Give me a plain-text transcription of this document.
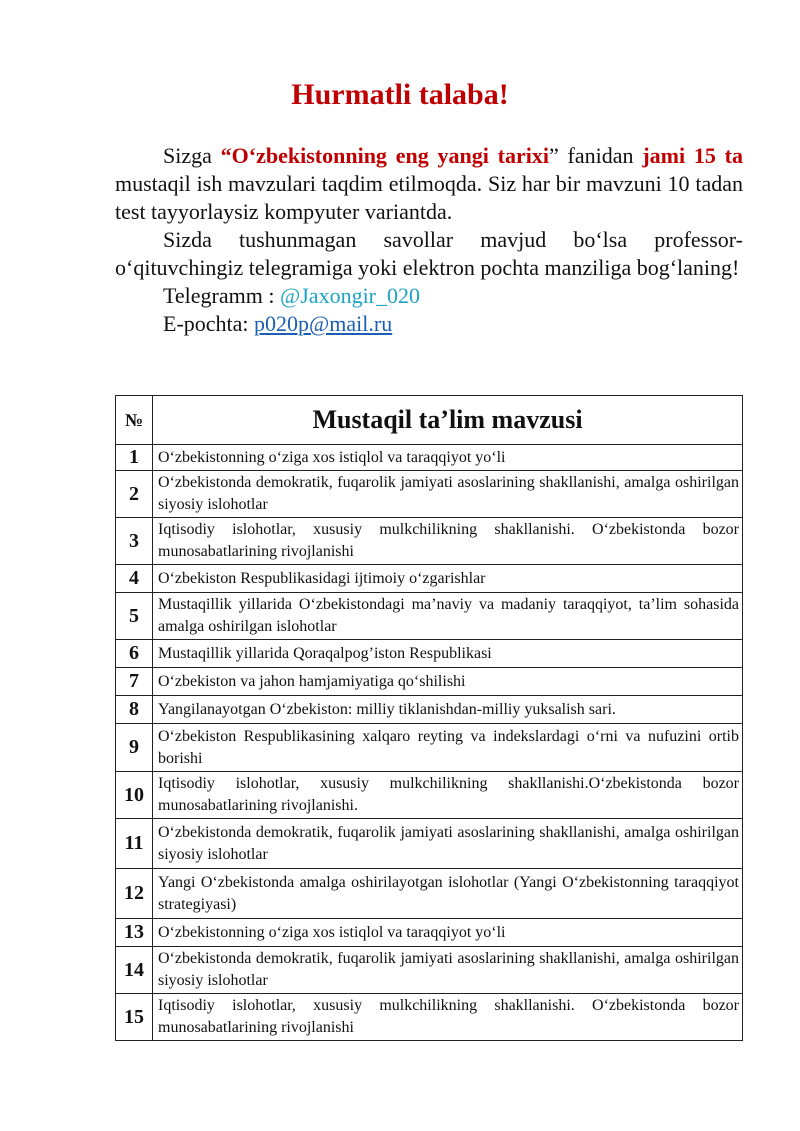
Hurmatli talaba!

Sizga “O‘zbekistonning eng yangi tarixi” fanidan jami 15 ta mustaqil ish mavzulari taqdim etilmoqda. Siz har bir mavzuni 10 tadan test tayyorlaysiz kompyuter variantda.

Sizda tushunmagan savollar mavjud bo‘lsa professor-o‘qituvchingiz telegramiga yoki elektron pochta manziliga bog‘laning!

Telegramm : @Jaxongir_020
E-pochta: p020p@mail.ru
№	Mustaqil ta’lim mavzusi
1	O‘zbekistonning o‘ziga xos istiqlol va taraqqiyot yo‘li
2	O‘zbekistonda demokratik, fuqarolik jamiyati asoslarining shakllanishi, amalga oshirilgan siyosiy islohotlar
3	Iqtisodiy islohotlar, xususiy mulkchilikning shakllanishi. O‘zbekistonda bozor munosabatlarining rivojlanishi
4	O‘zbekiston Respublikasidagi ijtimoiy o‘zgarishlar
5	Mustaqillik yillarida O‘zbekistondagi ma’naviy va madaniy taraqqiyot, ta’lim sohasida amalga oshirilgan islohotlar
6	Mustaqillik yillarida Qoraqalpog’iston Respublikasi
7	O‘zbekiston va jahon hamjamiyatiga qo‘shilishi
8	Yangilanayotgan O‘zbekiston: milliy tiklanishdan-milliy yuksalish sari.
9	O‘zbekiston Respublikasining xalqaro reyting va indekslardagi o‘rni va nufuzini ortib borishi
10	Iqtisodiy islohotlar, xususiy mulkchilikning shakllanishi.O‘zbekistonda bozor munosabatlarining rivojlanishi.
11	O‘zbekistonda demokratik, fuqarolik jamiyati asoslarining shakllanishi, amalga oshirilgan siyosiy islohotlar
12	Yangi O‘zbekistonda amalga oshirilayotgan islohotlar (Yangi O‘zbekistonning taraqqiyot strategiyasi)
13	O‘zbekistonning o‘ziga xos istiqlol va taraqqiyot yo‘li
14	O‘zbekistonda demokratik, fuqarolik jamiyati asoslarining shakllanishi, amalga oshirilgan siyosiy islohotlar
15	Iqtisodiy islohotlar, xususiy mulkchilikning shakllanishi. O‘zbekistonda bozor munosabatlarining rivojlanishi
